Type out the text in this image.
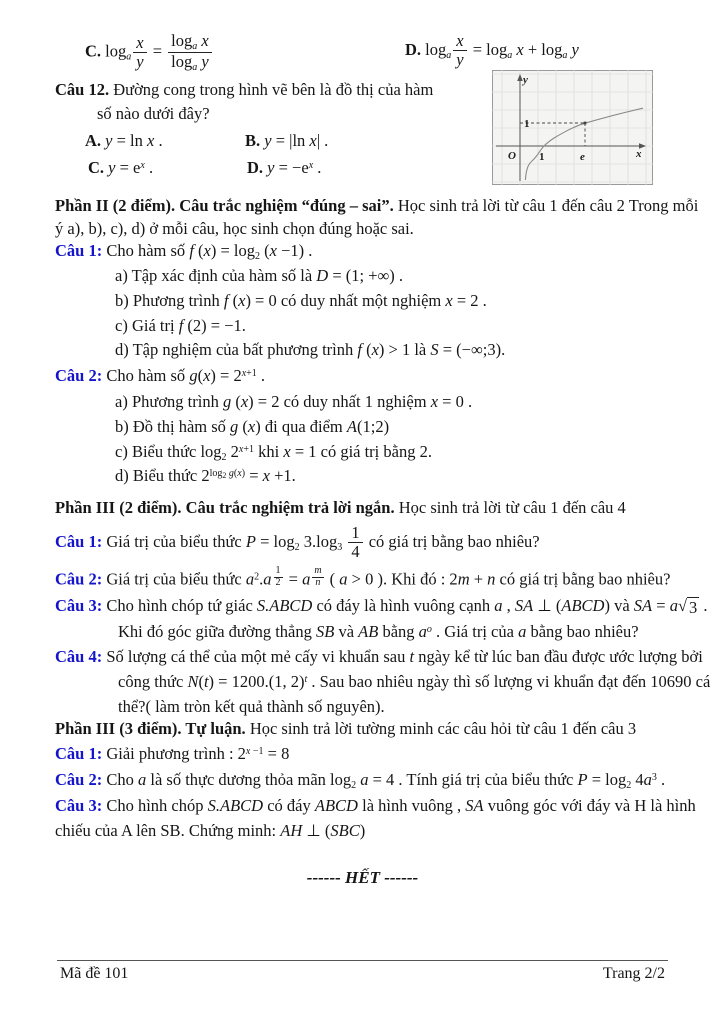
C. $\log_a \frac{x}{y} = \frac{\log_a x}{\log_a y}$	D. $\log_a \frac{x}{y} = \log_a x + \log_a y$
Câu 12. Đường cong trong hình vẽ bên là đồ thị của hàm
số nào dưới đây?
A. y = ln x .	B. y = |ln x| .
C. $y = e^x$ .	D. $y = -e^x$ .
Phần II (2 điểm). Câu trắc nghiệm “đúng – sai”. Học sinh trả lời từ câu 1 đến câu 2 Trong mỗi
ý a), b), c), d) ở mỗi câu, học sinh chọn đúng hoặc sai.
Câu 1: Cho hàm số f $(x) = \log_2 (x -1)$ .
a) Tập xác định của hàm số là D = (1; +∞) .
b) Phương trình f (x) = 0 có duy nhất một nghiệm x = 2 .
c) Giá trị f (2) = −1.
d) Tập nghiệm của bất phương trình f (x) > 1 là S = (−∞;3).
Câu 2: Cho hàm số $g(x) = 2^{x+1}$ .
a) Phương trình g (x) = 2 có duy nhất 1 nghiệm x = 0 .
b) Đồ thị hàm số g (x) đi qua điểm A(1;2)
c) Biểu thức $\log_2 2^{x+1}$ khi x = 1 có giá trị bằng 2.
d) Biểu thức $2^{log_2 g(x)} = x +1$.
Phần III (2 điểm). Câu trắc nghiệm trả lời ngắn. Học sinh trả lời từ câu 1 đến câu 4
Câu 1: Giá trị của biểu thức $P = \log_2 3.\log_3 \frac{1}{4}$ có giá trị bằng bao nhiêu?
Câu 2: Giá trị của biểu thức $a^2.a$ $^{\frac{1}{2}}$ = a $^{\frac{m}{n}}$ ( a > 0 ). Khi đó : 2m + n có giá trị bằng bao nhiêu?
Câu 3: Cho hình chóp tứ giác S.ABCD có đáy là hình vuông cạnh a , SA ⊥ (ABCD) và SA = a √ 3 .
Khi đó góc giữa đường thẳng SB và AB bằng $a^o$ . Giá trị của a bằng bao nhiêu?
Câu 4: Số lượng cá thể của một mẻ cấy vi khuẩn sau t ngày kể từ lúc ban đầu được ước lượng bởi
công thức N(t) = 1200.(1, 2)$^t$ . Sau bao nhiêu ngày thì số lượng vi khuẩn đạt đến 10690 cá
thể?( làm tròn kết quả thành số nguyên).
Phần III (3 điểm). Tự luận. Học sinh trả lời tường minh các câu hỏi từ câu 1 đến câu 3
Câu 1: Giải phương trình : $2^{x -1} = 8$
Câu 2: Cho a là số thực dương thỏa mãn $\log_2 a = 4$ . Tính giá trị của biểu thức $P = \log_2 4a^3$ .
Câu 3: Cho hình chóp S.ABCD có đáy ABCD là hình vuông , SA vuông góc với đáy và H là hình
chiếu của A lên SB. Chứng minh: AH ⊥ (SBC)
y
x
O 1	e
1
------ HẾT ------
Mã đề 101	Trang 2/2
